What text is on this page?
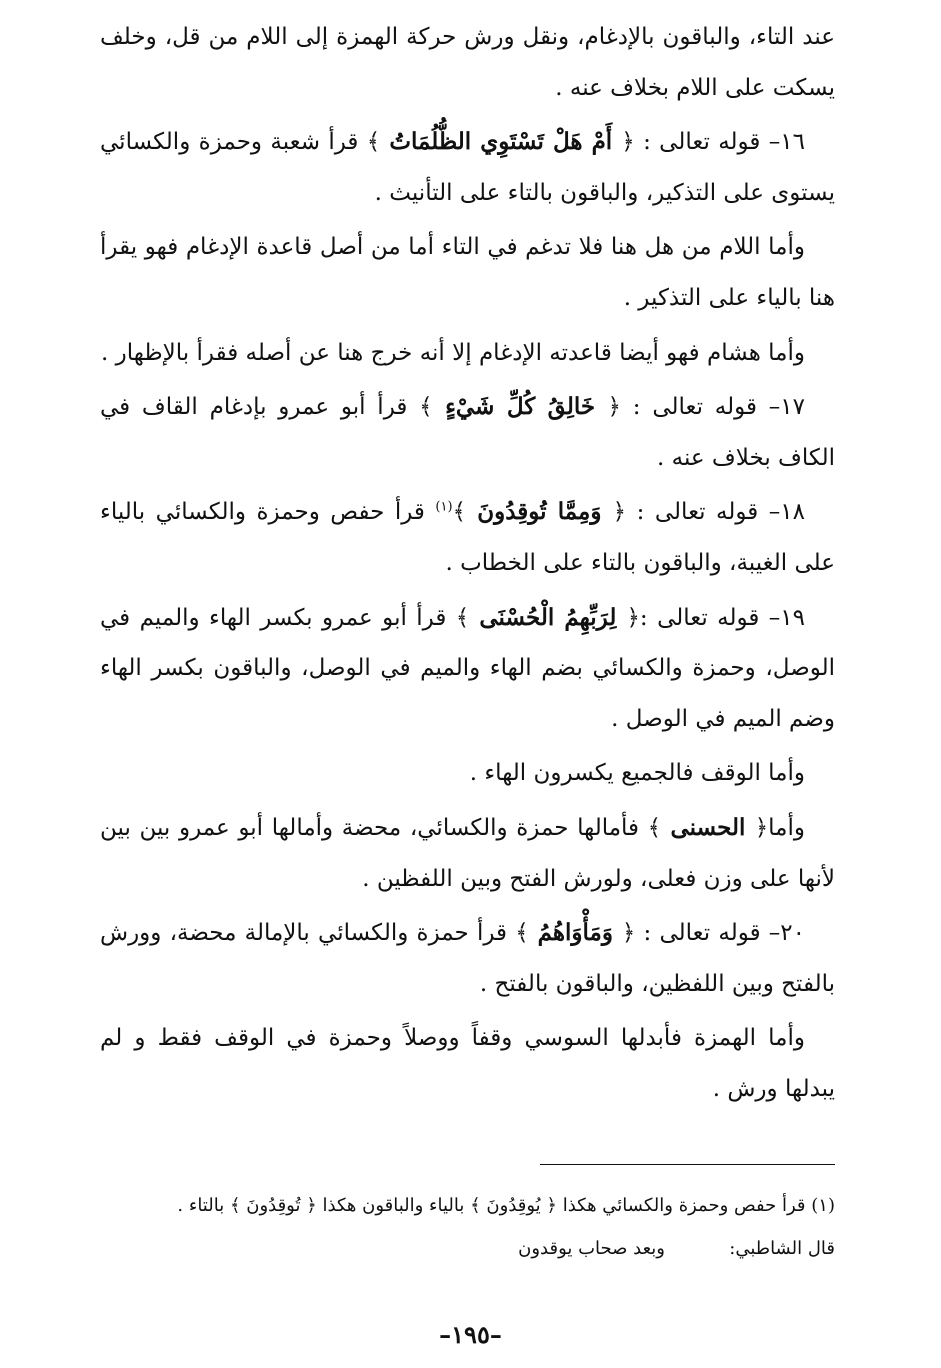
عند التاء، والباقون بالإدغام، ونقل ورش حركة الهمزة إلى اللام من قل، وخلف يسكت على اللام بخلاف عنه .

١٦– قوله تعالى : ﴿ أَمْ هَلْ تَسْتَوِي الظُّلُمَاتُ ﴾ قرأ شعبة وحمزة والكسائي يستوى على التذكير، والباقون بالتاء على التأنيث .

وأما اللام من هل هنا فلا تدغم في التاء أما من أصل قاعدة الإدغام فهو يقرأ هنا بالياء على التذكير .

وأما هشام فهو أيضا قاعدته الإدغام إلا أنه خرج هنا عن أصله فقرأ بالإظهار .

١٧– قوله تعالى : ﴿ خَالِقُ كُلِّ شَيْءٍ ﴾ قرأ أبو عمرو بإدغام القاف في الكاف بخلاف عنه .

١٨– قوله تعالى : ﴿ وَمِمَّا تُوقِدُونَ ﴾$^{(١)}$ قرأ حفص وحمزة والكسائي بالياء على الغيبة، والباقون بالتاء على الخطاب .

١٩– قوله تعالى :﴿ لِرَبِّهِمُ الْحُسْنَى ﴾ قرأ أبو عمرو بكسر الهاء والميم في الوصل، وحمزة والكسائي بضم الهاء والميم في الوصل، والباقون بكسر الهاء وضم الميم في الوصل .

وأما الوقف فالجميع يكسرون الهاء .

وأما﴿ الحسنى ﴾ فأمالها حمزة والكسائي، محضة وأمالها أبو عمرو بين بين لأنها على وزن فعلى، ولورش الفتح وبين اللفظين .

٢٠– قوله تعالى : ﴿ وَمَأْوَاهُمُ ﴾ قرأ حمزة والكسائي بالإمالة محضة، وورش بالفتح وبين اللفظين، والباقون بالفتح .

وأما الهمزة فأبدلها السوسي وقفاً ووصلاً وحمزة في الوقف فقط و لم يبدلها ورش .

(١) قرأ حفص وحمزة والكسائي هكذا ﴿ يُوقِدُونَ ﴾ بالياء والباقون هكذا ﴿ تُوقِدُونَ ﴾ بالتاء .

قال الشاطبي:
وبعد صحاب يوقدون
–١٩٥–
